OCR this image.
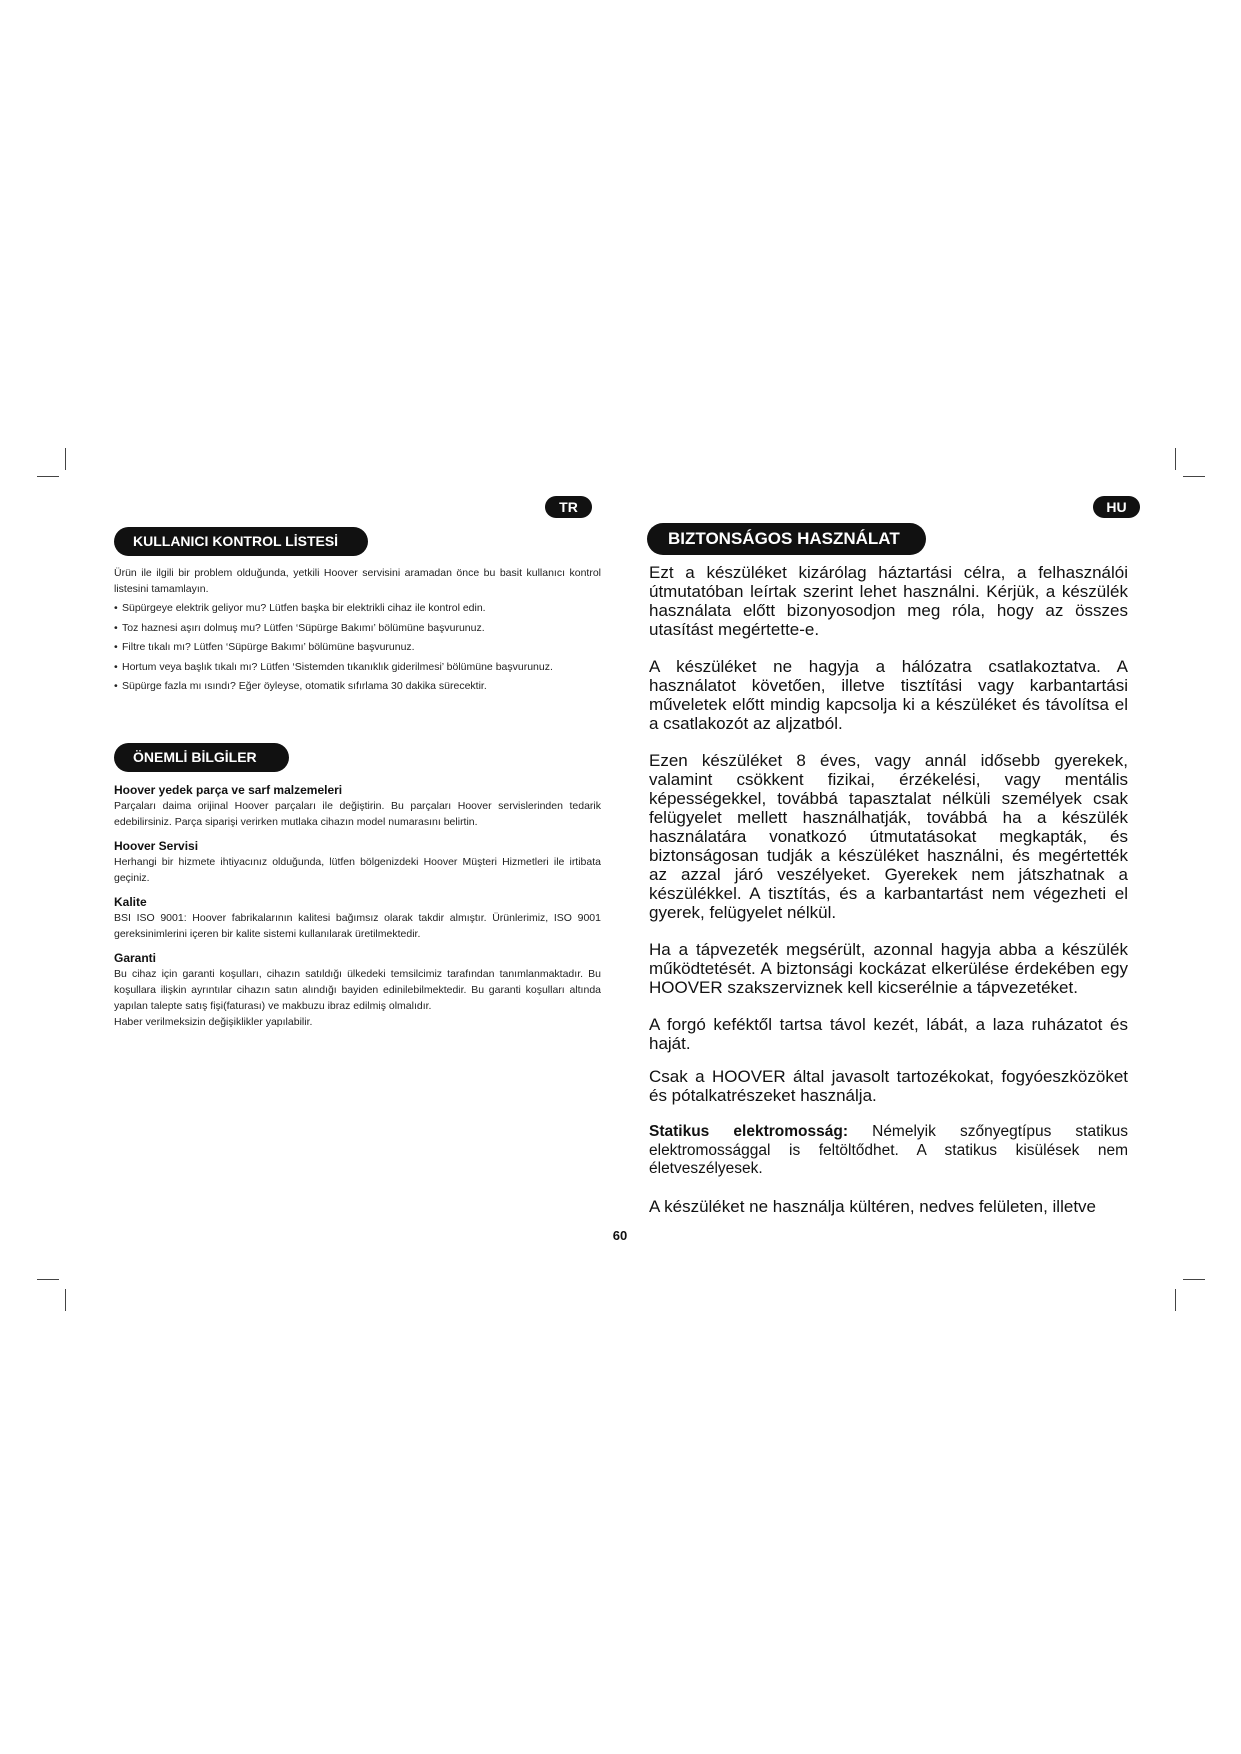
TR	HU
KULLANICI KONTROL LİSTESİ

Ürün ile ilgili bir problem olduğunda, yetkili Hoover servisini aramadan önce bu basit kullanıcı kontrol listesini tamamlayın.

• Süpürgeye elektrik geliyor mu? Lütfen başka bir elektrikli cihaz ile kontrol edin.
• Toz haznesi aşırı dolmuş mu? Lütfen ‘Süpürge Bakımı’ bölümüne başvurunuz.
• Filtre tıkalı mı? Lütfen ‘Süpürge Bakımı’ bölümüne başvurunuz.
• Hortum veya başlık tıkalı mı? Lütfen ‘Sistemden tıkanıklık giderilmesi’ bölümüne başvurunuz.
• Süpürge fazla mı ısındı? Eğer öyleyse, otomatik sıfırlama 30 dakika sürecektir.
ÖNEMLİ BİLGİLER
Hoover yedek parça ve sarf malzemeleri

Parçaları daima orijinal Hoover parçaları ile değiştirin. Bu parçaları Hoover servislerinden tedarik edebilirsiniz. Parça siparişi verirken mutlaka cihazın model numarasını belirtin.

Hoover Servisi

Herhangi bir hizmete ihtiyacınız olduğunda, lütfen bölgenizdeki Hoover Müşteri Hizmetleri ile irtibata geçiniz.

Kalite

BSI ISO 9001: Hoover fabrikalarının kalitesi bağımsız olarak takdir almıştır. Ürünlerimiz, ISO 9001 gereksinimlerini içeren bir kalite sistemi kullanılarak üretilmektedir.

Garanti

Bu cihaz için garanti koşulları, cihazın satıldığı ülkedeki temsilcimiz tarafından tanımlanmaktadır. Bu koşullara ilişkin ayrıntılar cihazın satın alındığı bayiden edinilebilmektedir. Bu garanti koşulları altında yapılan talepte satış fişi(faturası) ve makbuzu ibraz edilmiş olmalıdır.

Haber verilmeksizin değişiklikler yapılabilir.

BIZTONSÁGOS HASZNÁLAT

Ezt a készüléket kizárólag háztartási célra, a felhasználói útmutatóban leírtak szerint lehet használni. Kérjük, a készülék használata előtt bizonyosodjon meg róla, hogy az összes utasítást megértette-e.

A készüléket ne hagyja a hálózatra csatlakoztatva. A használatot követően, illetve tisztítási vagy karbantartási műveletek előtt mindig kapcsolja ki a készüléket és távolítsa el a csatlakozót az aljzatból.

Ezen készüléket 8 éves, vagy annál idősebb gyerekek, valamint csökkent fizikai, érzékelési, vagy mentális képességekkel, továbbá tapasztalat nélküli személyek csak felügyelet mellett használhatják, továbbá ha a készülék használatára vonatkozó útmutatásokat megkapták, és biztonságosan tudják a készüléket használni, és megértették az azzal járó veszélyeket. Gyerekek nem játszhatnak a készülékkel. A tisztítás, és a karbantartást nem végezheti el gyerek, felügyelet nélkül.

Ha a tápvezeték megsérült, azonnal hagyja abba a készülék működtetését. A biztonsági kockázat elkerülése érdekében egy HOOVER szakszerviznek kell kicserélnie a tápvezetéket.

A forgó keféktől tartsa távol kezét, lábát, a laza ruházatot és haját.

Csak a HOOVER által javasolt tartozékokat, fogyóeszközöket és pótalkatrészeket használja.

Statikus elektromosság: Némelyik szőnyegtípus statikus elektromossággal is feltöltődhet. A statikus kisülések nem életveszélyesek.

A készüléket ne használja kültéren, nedves felületen, illetve

60
